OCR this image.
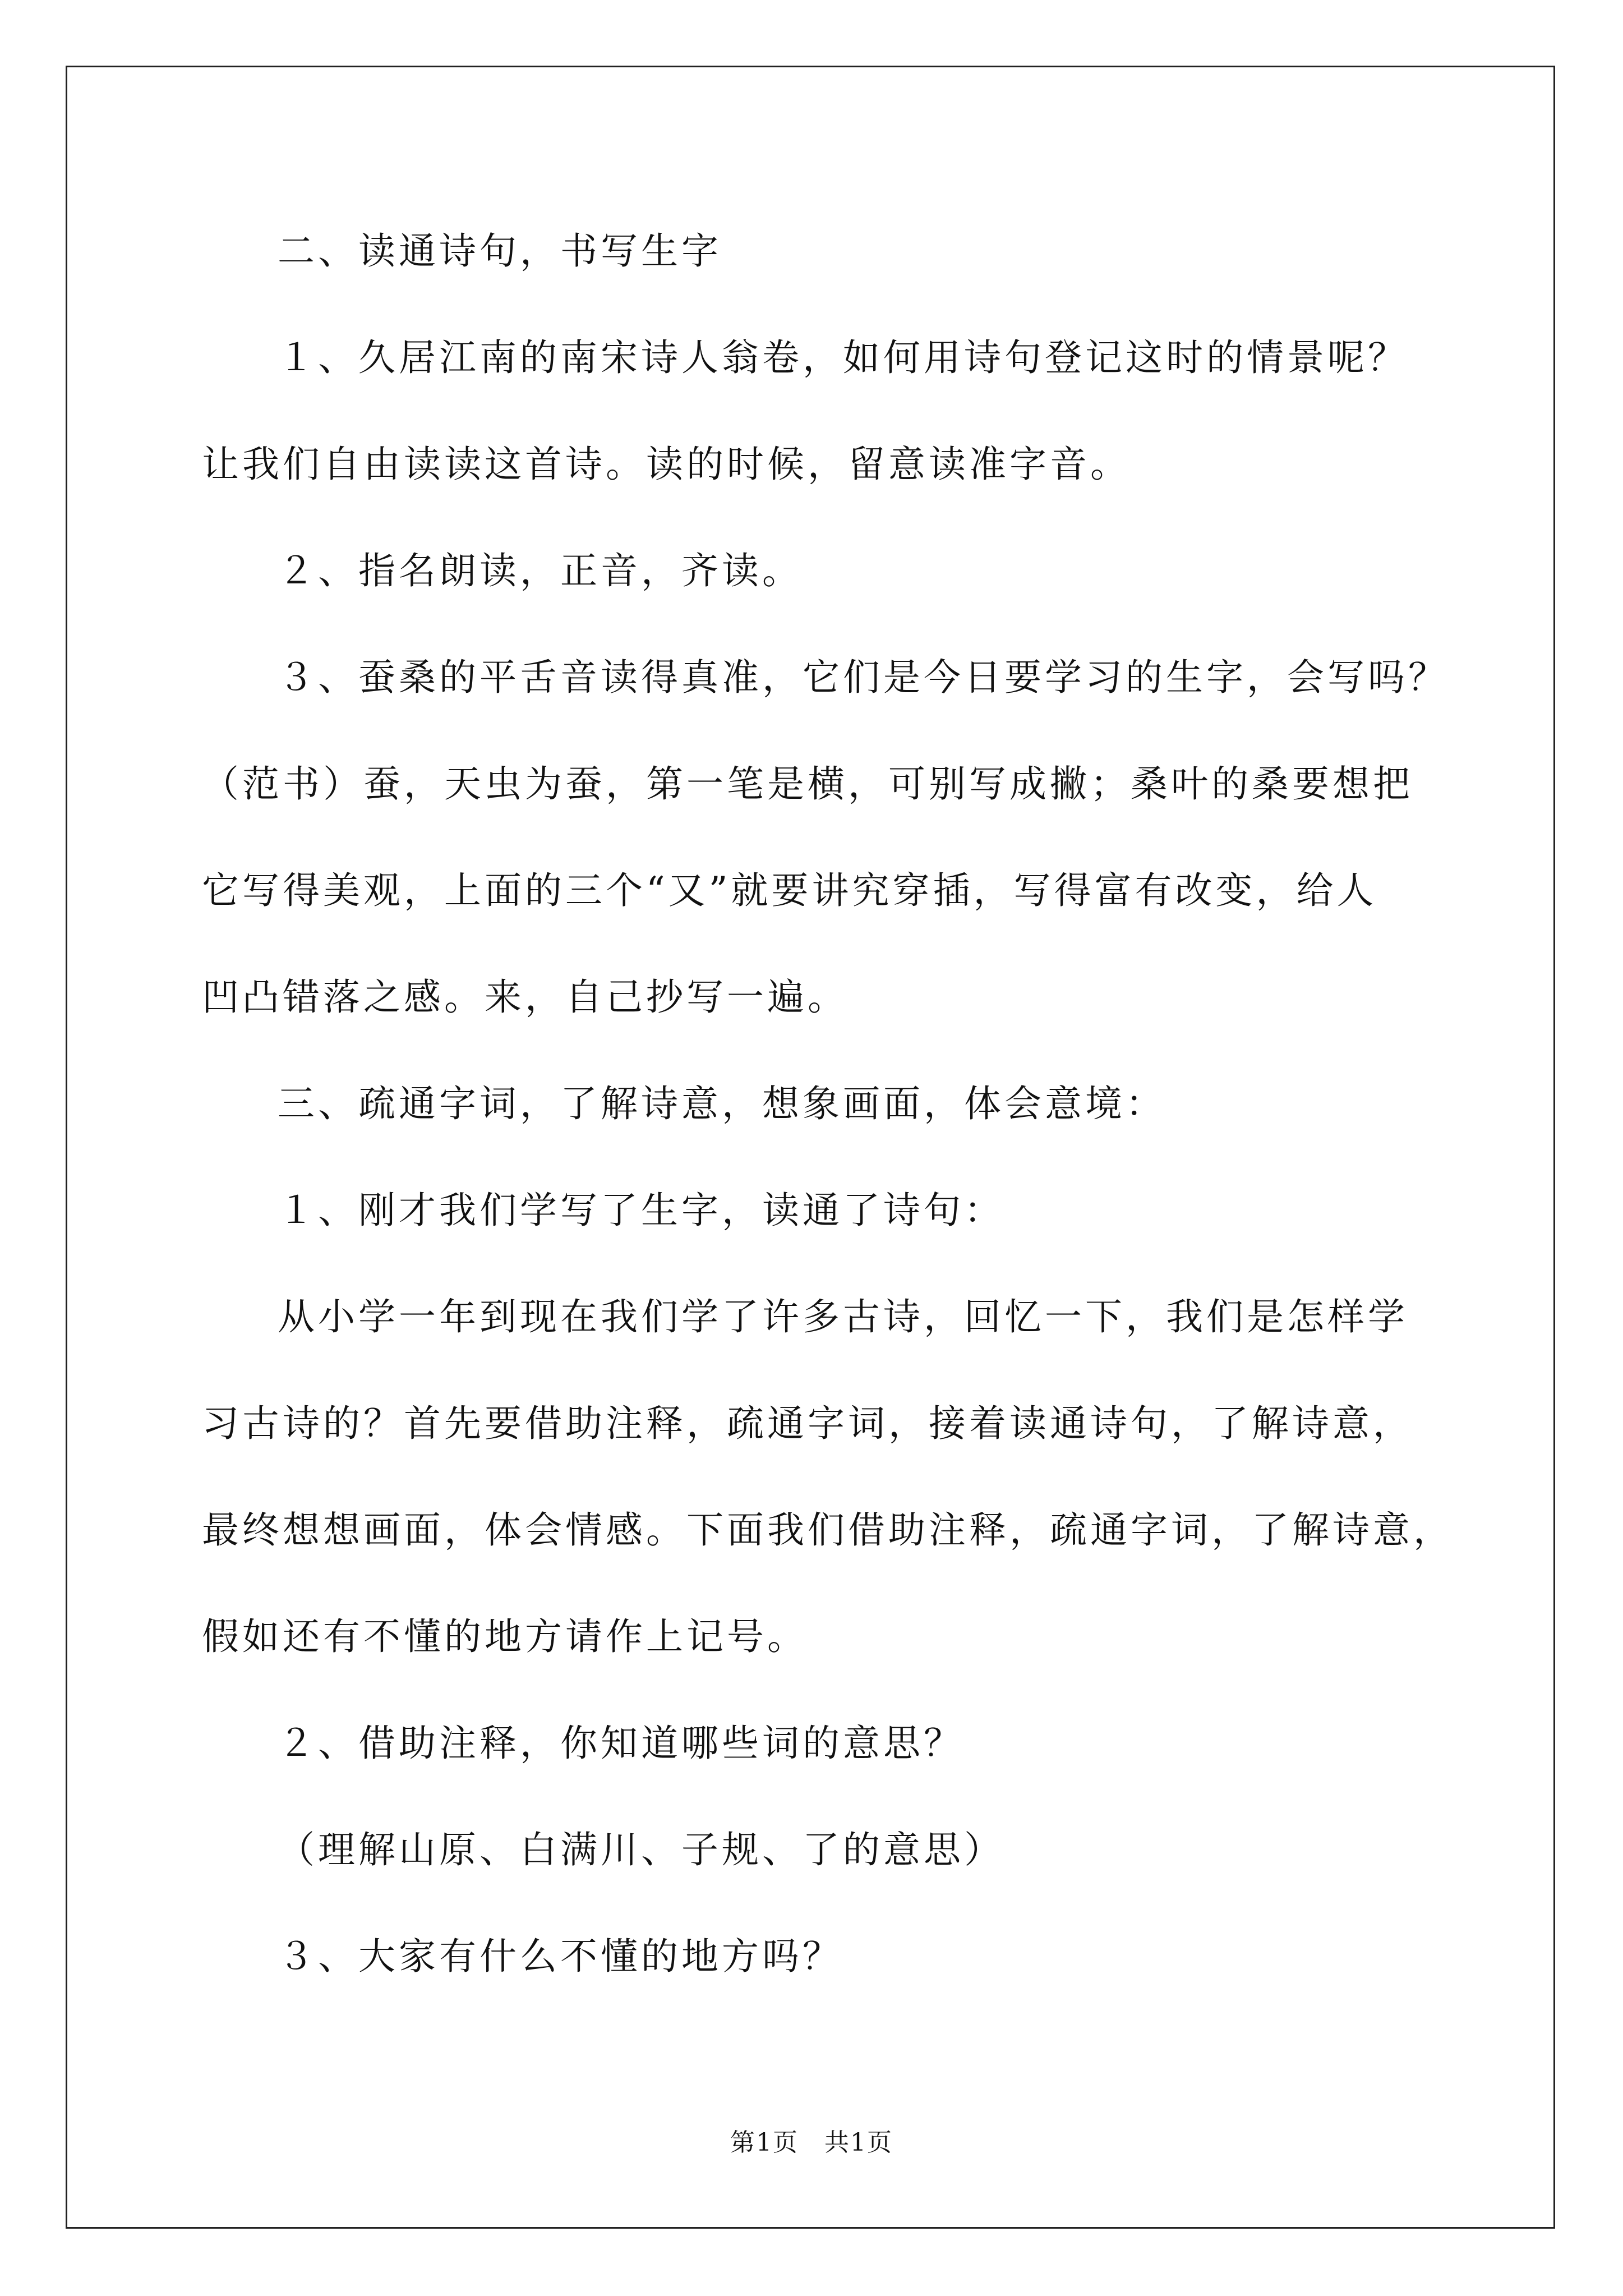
二、读通诗句，书写生字

１、久居江南的南宋诗人翁卷，如何用诗句登记这时的情景呢？

让我们自由读读这首诗。读的时候，留意读准字音。

２、指名朗读，正音，齐读。

３、蚕桑的平舌音读得真准，它们是今日要学习的生字，会写吗？

（范书）蚕，天虫为蚕，第一笔是横，可别写成撇；桑叶的桑要想把

它写得美观，上面的三个“又”就要讲究穿插，写得富有改变，给人

凹凸错落之感。来，自己抄写一遍。

三、疏通字词，了解诗意，想象画面，体会意境：

１、刚才我们学写了生字，读通了诗句：

从小学一年到现在我们学了许多古诗，回忆一下，我们是怎样学

习古诗的？首先要借助注释，疏通字词，接着读通诗句，了解诗意，

最终想想画面，体会情感。下面我们借助注释，疏通字词，了解诗意，

假如还有不懂的地方请作上记号。

２、借助注释，你知道哪些词的意思？

（理解山原、白满川、子规、了的意思）

３、大家有什么不懂的地方吗？

第1页　共1页
